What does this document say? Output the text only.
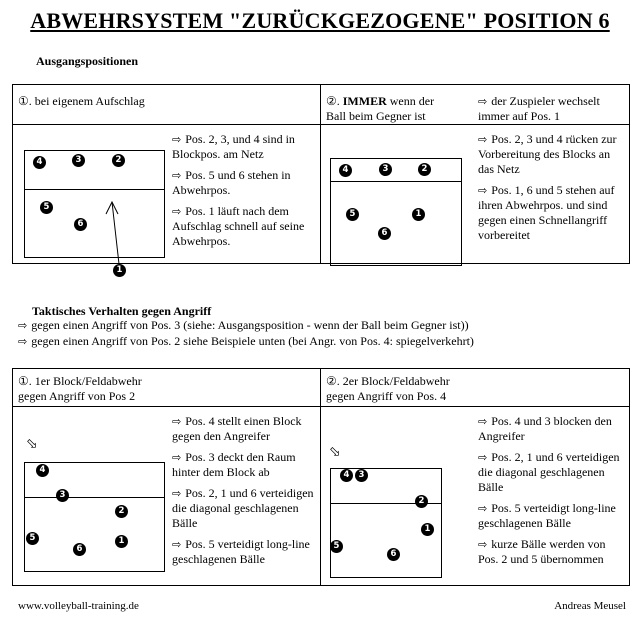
ABWEHRSYSTEM "ZURÜCKGEZOGENE" POSITION 6
Ausgangspositionen
①. bei eigenem Aufschlag	②. IMMER wenn der Ball beim Gegner ist
⇨ der Zuspieler wechselt immer auf Pos. 1
4	3	2
5
6
1

⇨ Pos. 2, 3, und 4 sind in Blockpos. am Netz

⇨ Pos. 5 und 6 stehen in Abwehrpos.

⇨ Pos. 1 läuft nach dem Aufschlag schnell auf seine Abwehrpos.

4	3	2
5	1
6

⇨ Pos. 2, 3 und 4 rücken zur Vorbereitung des Blocks an das Netz

⇨ Pos. 1, 6 und 5 stehen auf ihren Abwehrpos. und sind gegen einen Schnellangriff vorbereitet

Taktisches Verhalten gegen Angriff
⇨ gegen einen Angriff von Pos. 3 (siehe: Ausgangsposition - wenn der Ball beim Gegner ist))
⇨ gegen einen Angriff von Pos. 2 siehe Beispiele unten (bei Angr. von Pos. 4: spiegelverkehrt)
①. 1er Block/Feldabwehr
gegen Angriff von Pos 2
②. 2er Block/Feldabwehr
gegen Angriff von Pos. 4
⬂
4
3
2
5
6
1

⇨ Pos. 4 stellt einen Block gegen den Angreifer

⇨ Pos. 3 deckt den Raum hinter dem Block ab

⇨ Pos. 2, 1 und 6 verteidigen die diagonal geschlagenen Bälle

⇨ Pos. 5 verteidigt long-line geschlagenen Bälle

⬂
4	3
2
1
5
6

⇨ Pos. 4 und 3 blocken den Angreifer

⇨ Pos. 2, 1 und 6 verteidigen die diagonal geschlagenen Bälle

⇨ Pos. 5 verteidigt long-line geschlagenen Bälle

⇨ kurze Bälle werden von Pos. 2 und 5 übernommen

www.volleyball-training.de	Andreas Meusel
